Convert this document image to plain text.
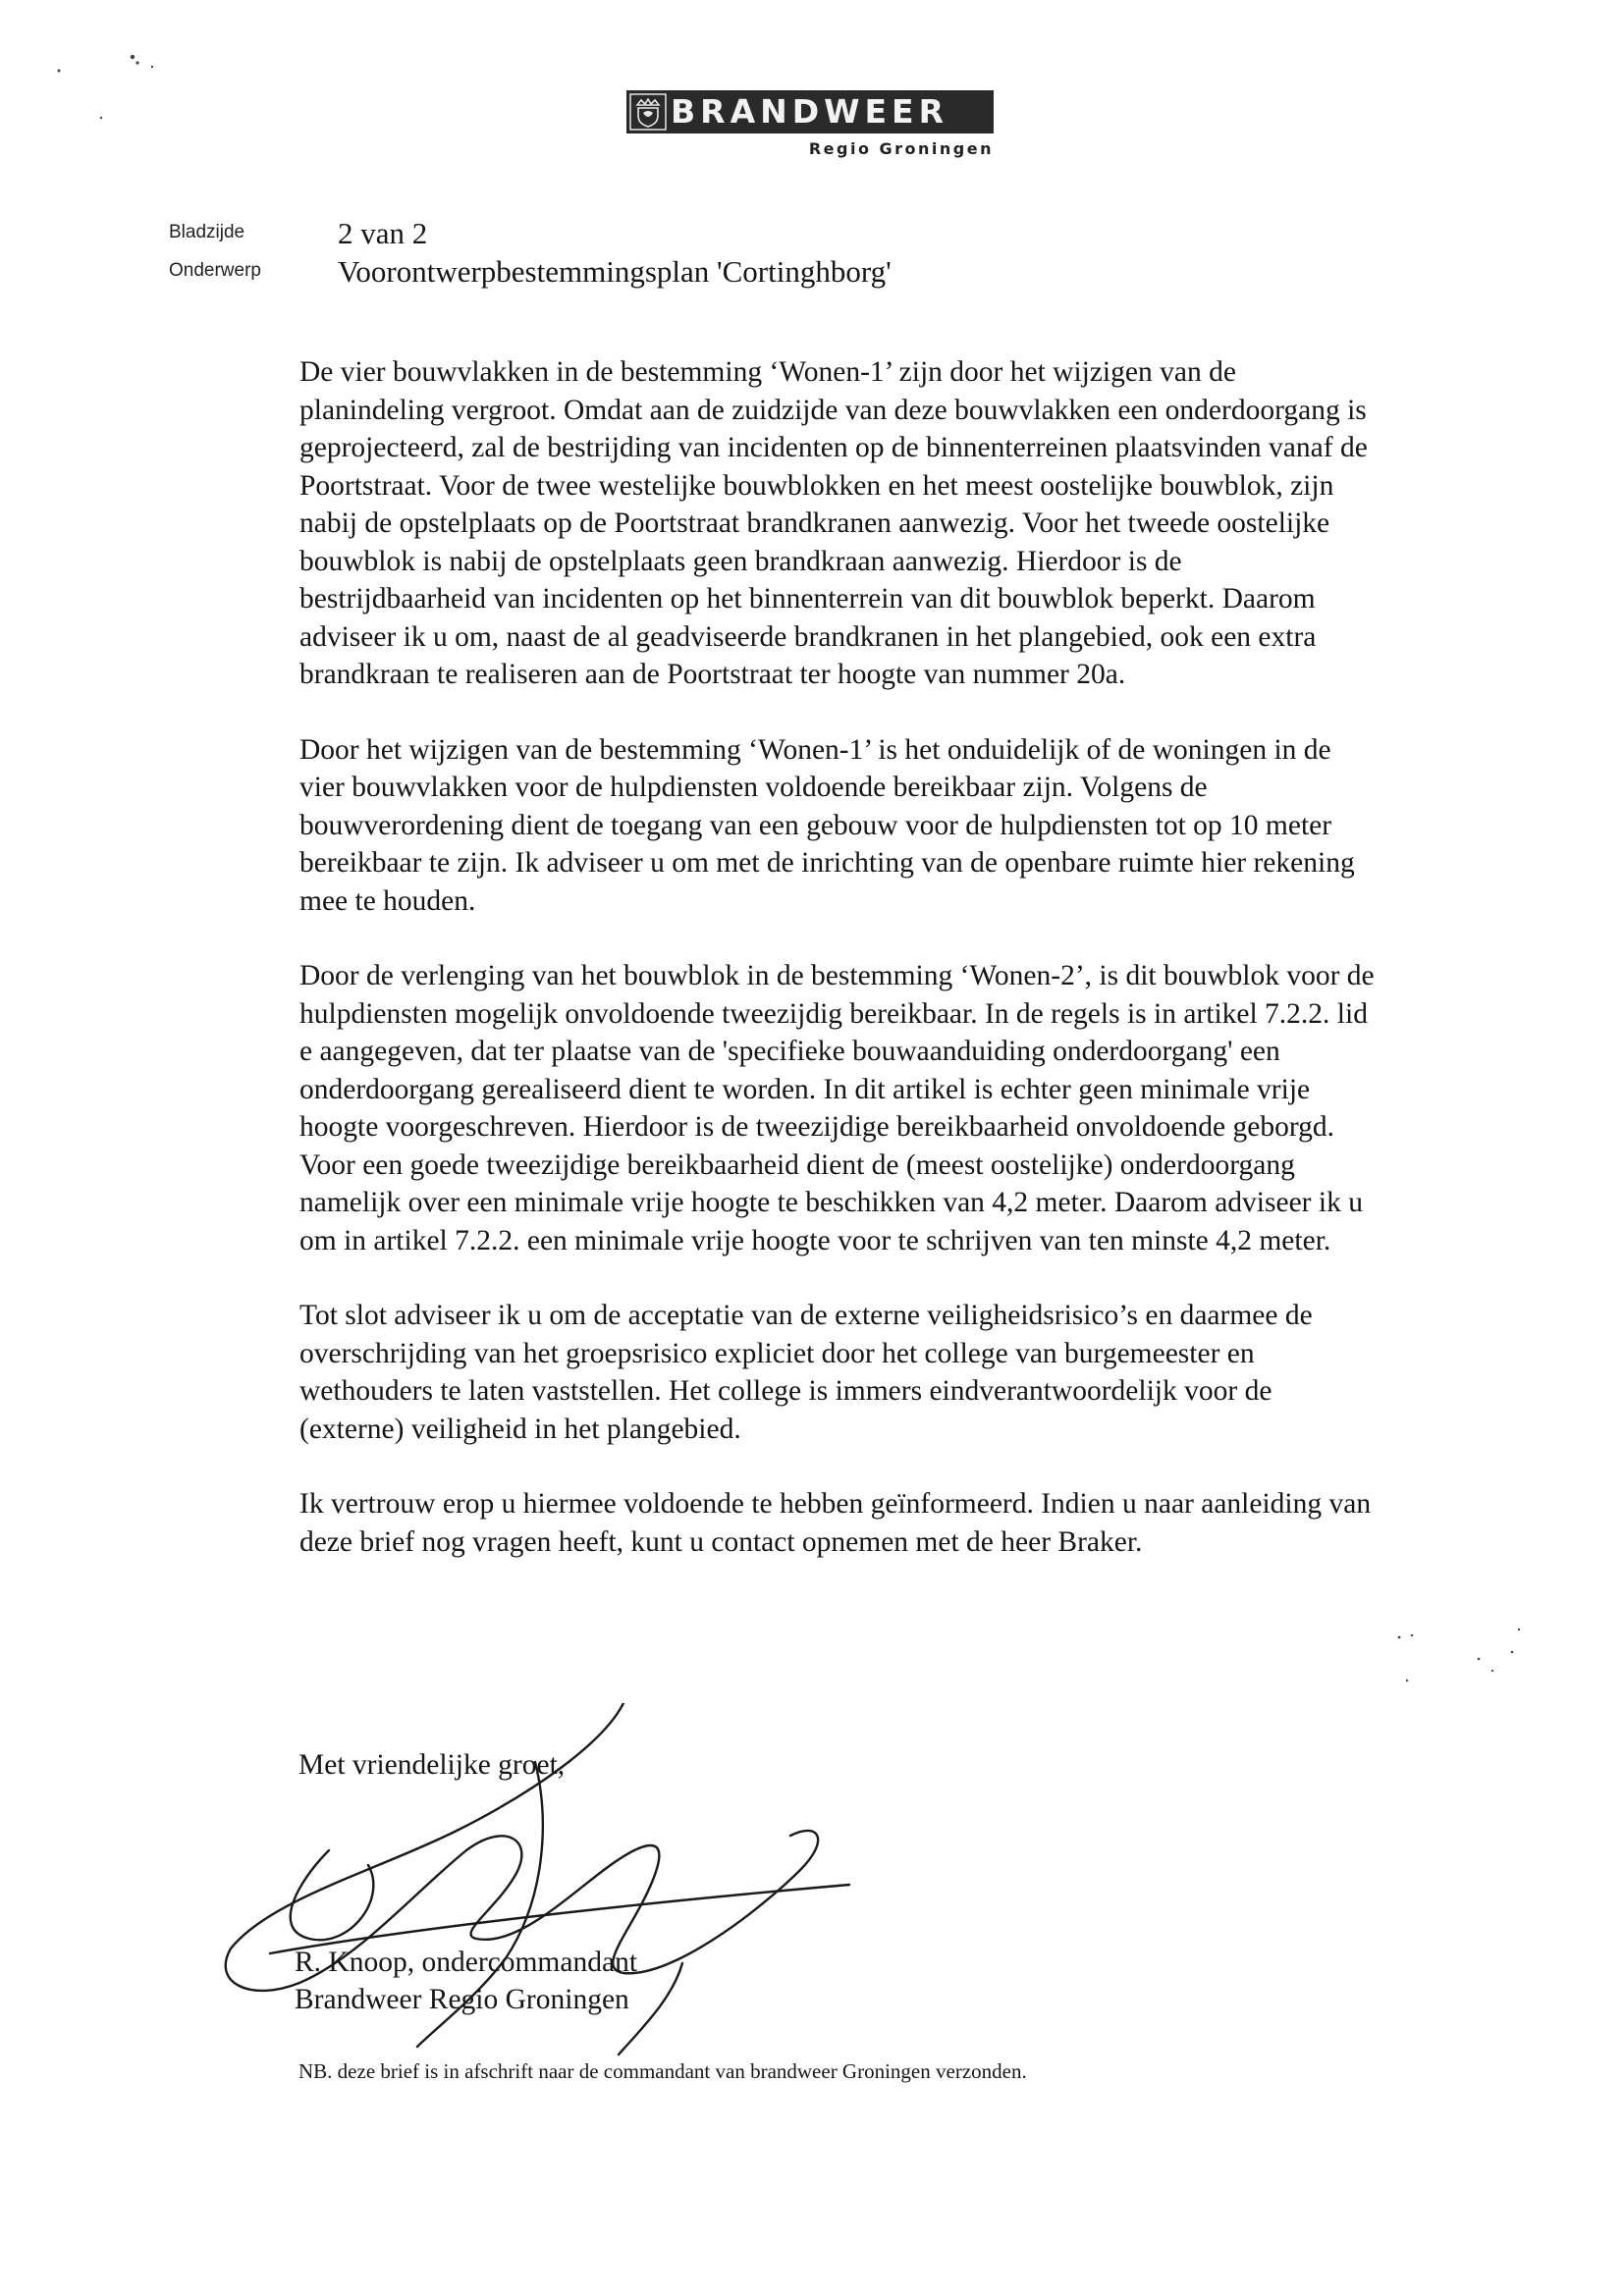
BRANDWEER
Regio Groningen
Bladzijde	2 van 2
Onderwerp	Voorontwerpbestemmingsplan 'Cortinghborg'

De vier bouwvlakken in de bestemming ‘Wonen-1’ zijn door het wijzigen van de planindeling vergroot. Omdat aan de zuidzijde van deze bouwvlakken een onderdoorgang is geprojecteerd, zal de bestrijding van incidenten op de binnenterreinen plaatsvinden vanaf de Poortstraat. Voor de twee westelijke bouwblokken en het meest oostelijke bouwblok, zijn nabij de opstelplaats op de Poortstraat brandkranen aanwezig. Voor het tweede oostelijke bouwblok is nabij de opstelplaats geen brandkraan aanwezig. Hierdoor is de bestrijdbaarheid van incidenten op het binnenterrein van dit bouwblok beperkt. Daarom adviseer ik u om, naast de al geadviseerde brandkranen in het plangebied, ook een extra brandkraan te realiseren aan de Poortstraat ter hoogte van nummer 20a.

Door het wijzigen van de bestemming ‘Wonen-1’ is het onduidelijk of de woningen in de vier bouwvlakken voor de hulpdiensten voldoende bereikbaar zijn. Volgens de bouwverordening dient de toegang van een gebouw voor de hulpdiensten tot op 10 meter bereikbaar te zijn. Ik adviseer u om met de inrichting van de openbare ruimte hier rekening mee te houden.

Door de verlenging van het bouwblok in de bestemming ‘Wonen-2’, is dit bouwblok voor de hulpdiensten mogelijk onvoldoende tweezijdig bereikbaar. In de regels is in artikel 7.2.2. lid e aangegeven, dat ter plaatse van de 'specifieke bouwaanduiding onderdoorgang' een onderdoorgang gerealiseerd dient te worden. In dit artikel is echter geen minimale vrije hoogte voorgeschreven. Hierdoor is de tweezijdige bereikbaarheid onvoldoende geborgd. Voor een goede tweezijdige bereikbaarheid dient de (meest oostelijke) onderdoorgang namelijk over een minimale vrije hoogte te beschikken van 4,2 meter. Daarom adviseer ik u om in artikel 7.2.2. een minimale vrije hoogte voor te schrijven van ten minste 4,2 meter.

Tot slot adviseer ik u om de acceptatie van de externe veiligheidsrisico’s en daarmee de overschrijding van het groepsrisico expliciet door het college van burgemeester en wethouders te laten vaststellen. Het college is immers eindverantwoordelijk voor de (externe) veiligheid in het plangebied.

Ik vertrouw erop u hiermee voldoende te hebben geïnformeerd. Indien u naar aanleiding van deze brief nog vragen heeft, kunt u contact opnemen met de heer Braker.

Met vriendelijke groet,
R. Knoop, ondercommandant
Brandweer Regio Groningen
NB. deze brief is in afschrift naar de commandant van brandweer Groningen verzonden.
